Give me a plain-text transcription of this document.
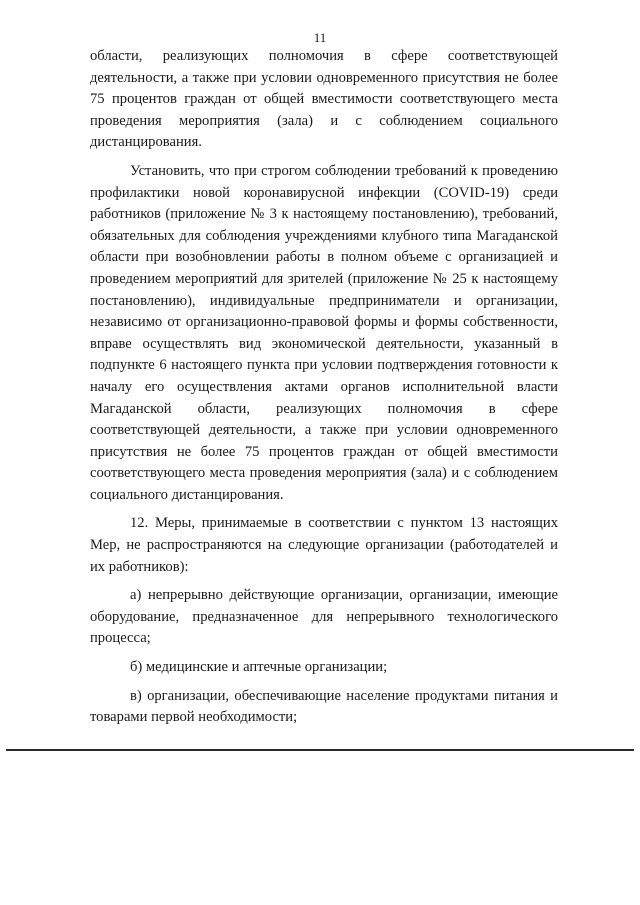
11

области, реализующих полномочия в сфере соответствующей деятельности, а также при условии одновременного присутствия не более 75 процентов граждан от общей вместимости соответствующего места проведения мероприятия (зала) и с соблюдением социального дистанцирования.

Установить, что при строгом соблюдении требований к проведению профилактики новой коронавирусной инфекции (COVID-19) среди работников (приложение № 3 к настоящему постановлению), требований, обязательных для соблюдения учреждениями клубного типа Магаданской области при возобновлении работы в полном объеме с организацией и проведением мероприятий для зрителей (приложение № 25 к настоящему постановлению), индивидуальные предприниматели и организации, независимо от организационно-правовой формы и формы собственности, вправе осуществлять вид экономической деятельности, указанный в подпункте 6 настоящего пункта при условии подтверждения готовности к началу его осуществления актами органов исполнительной власти Магаданской области, реализующих полномочия в сфере соответствующей деятельности, а также при условии одновременного присутствия не более 75 процентов граждан от общей вместимости соответствующего места проведения мероприятия (зала) и с соблюдением социального дистанцирования.

12. Меры, принимаемые в соответствии с пунктом 13 настоящих Мер, не распространяются на следующие организации (работодателей и их работников):

а) непрерывно действующие организации, организации, имеющие оборудование, предназначенное для непрерывного технологического процесса;

б) медицинские и аптечные организации;

в) организации, обеспечивающие население продуктами питания и товарами первой необходимости;
